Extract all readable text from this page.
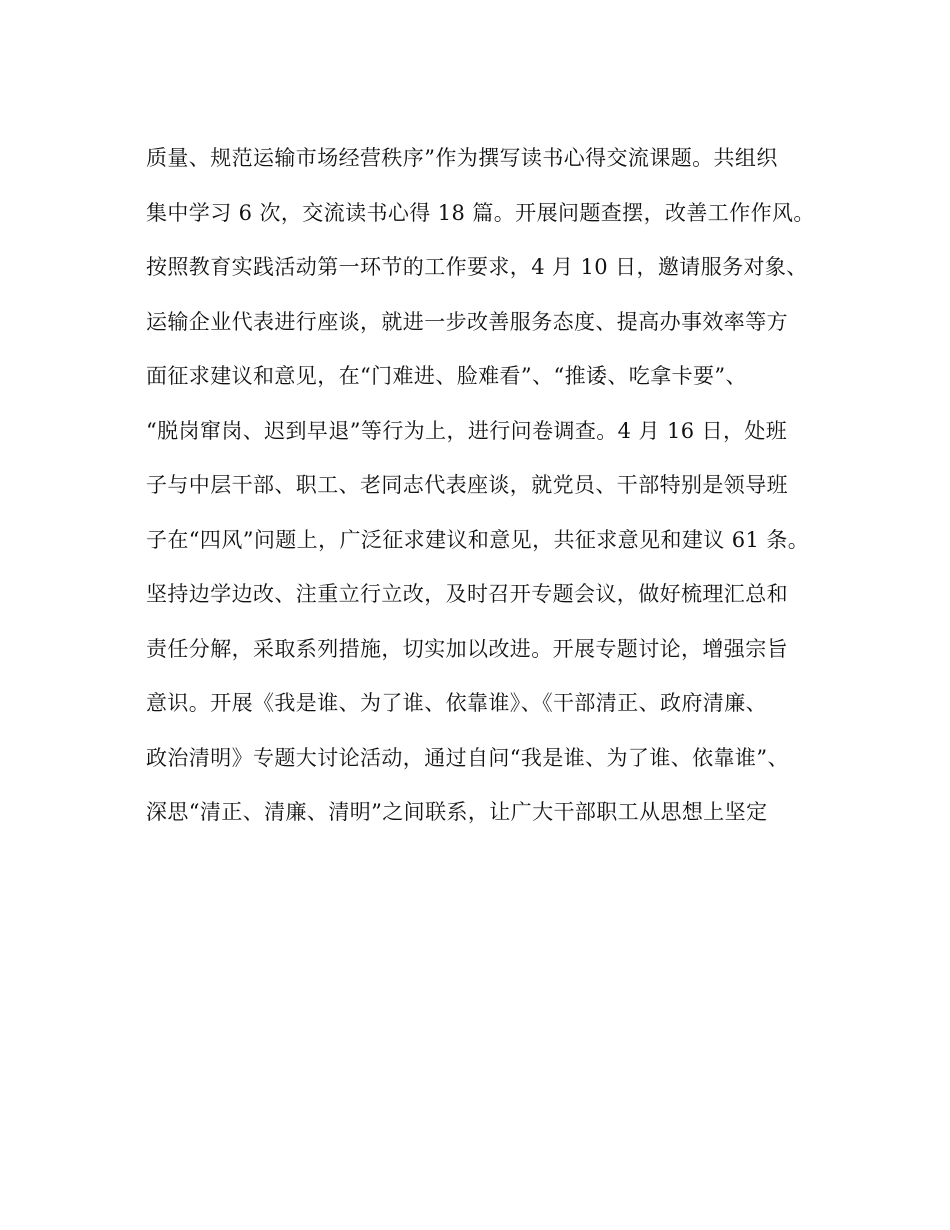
质量、规范运输市场经营秩序”作为撰写读书心得交流课题。共组织
集中学习 6 次，交流读书心得 18 篇。开展问题查摆，改善工作作风。
按照教育实践活动第一环节的工作要求，4 月 10 日，邀请服务对象、
运输企业代表进行座谈，就进一步改善服务态度、提高办事效率等方
面征求建议和意见，在“门难进、脸难看”、“推诿、吃拿卡要”、
“脱岗窜岗、迟到早退”等行为上，进行问卷调查。4 月 16 日，处班
子与中层干部、职工、老同志代表座谈，就党员、干部特别是领导班
子在“四风”问题上，广泛征求建议和意见，共征求意见和建议 61 条。
坚持边学边改、注重立行立改，及时召开专题会议，做好梳理汇总和
责任分解，采取系列措施，切实加以改进。开展专题讨论，增强宗旨
意识。开展《我是谁、为了谁、依靠谁》、《干部清正、政府清廉、
政治清明》专题大讨论活动，通过自问“我是谁、为了谁、依靠谁”、
深思“清正、清廉、清明”之间联系，让广大干部职工从思想上坚定
